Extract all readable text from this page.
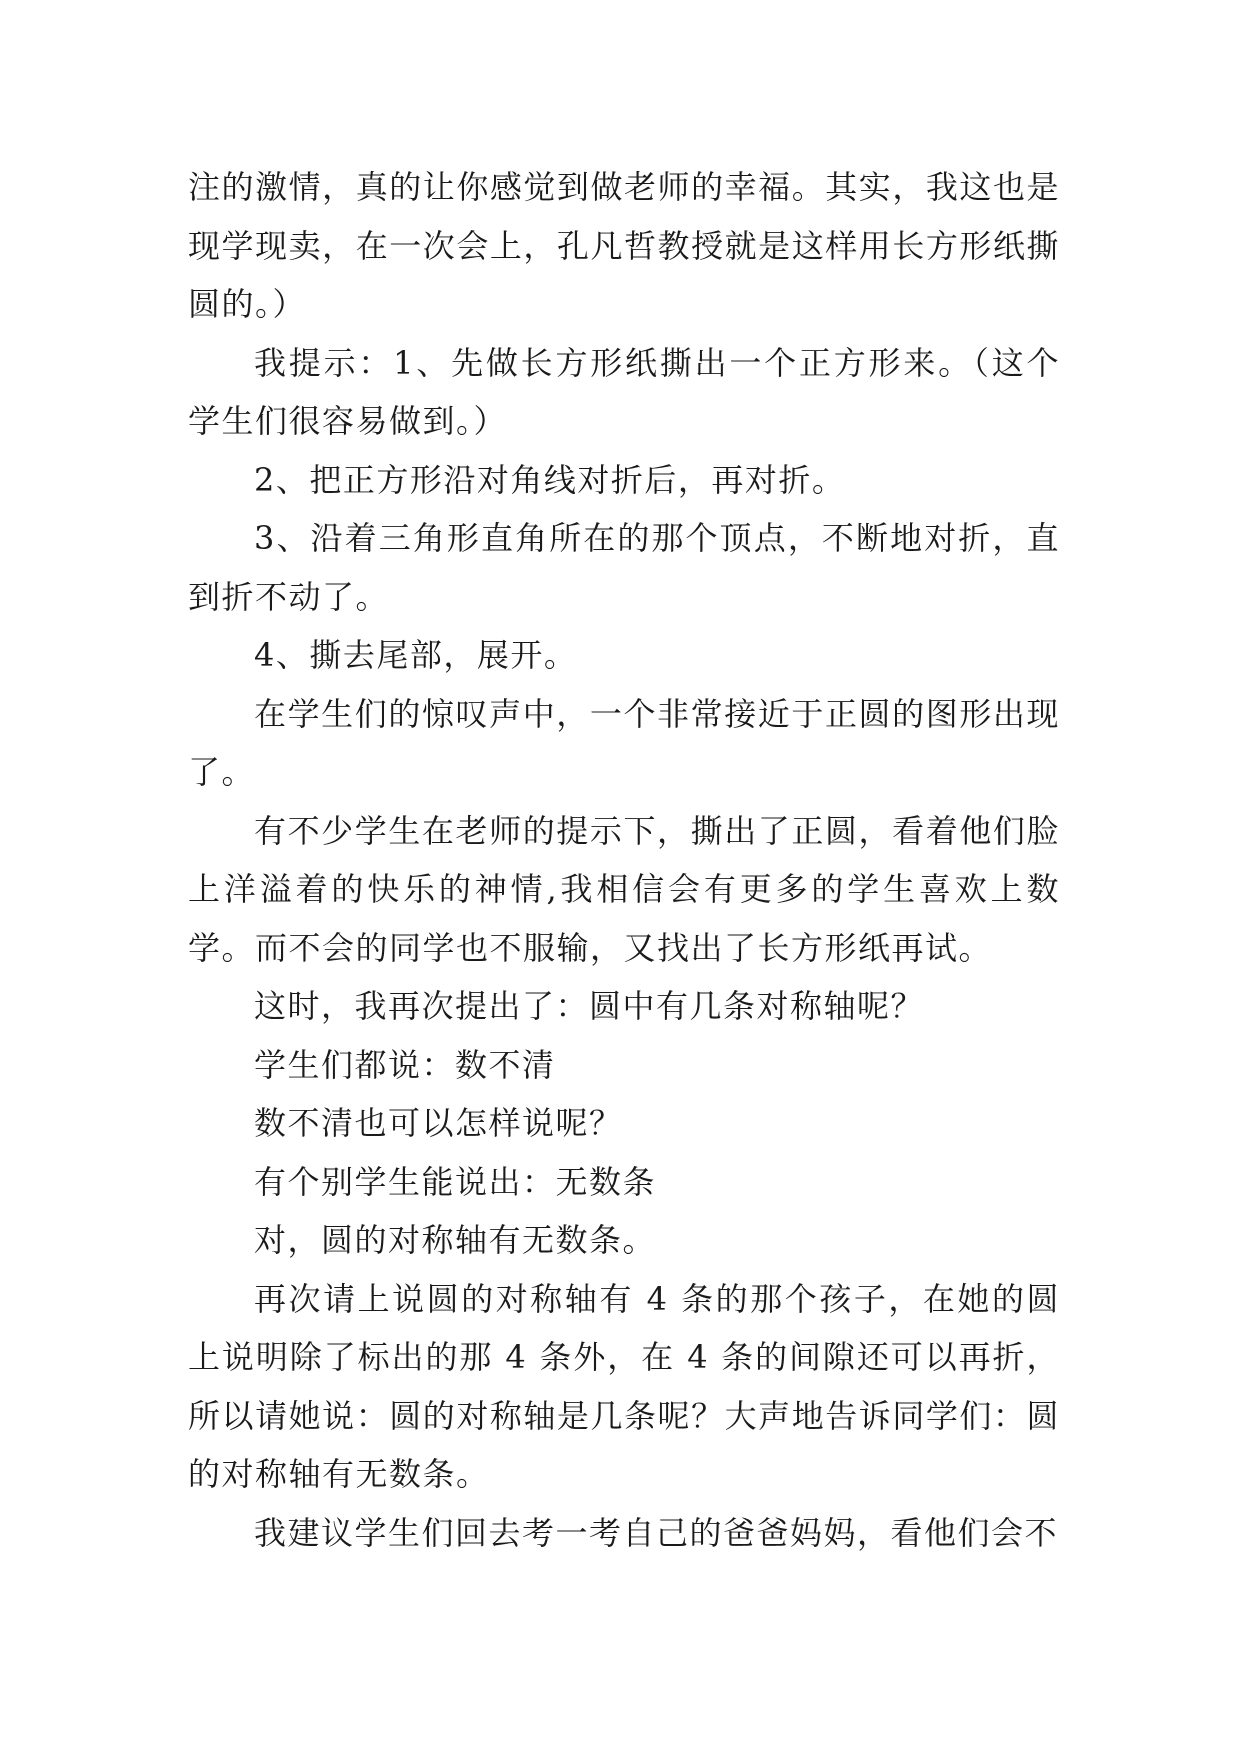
注的激情，真的让你感觉到做老师的幸福。其实，我这也是现学现卖，在一次会上，孔凡哲教授就是这样用长方形纸撕圆的。）

我提示：1、先做长方形纸撕出一个正方形来。（这个学生们很容易做到。）

2、把正方形沿对角线对折后，再对折。

3、沿着三角形直角所在的那个顶点，不断地对折，直到折不动了。

4、撕去尾部，展开。

在学生们的惊叹声中，一个非常接近于正圆的图形出现了。

有不少学生在老师的提示下，撕出了正圆，看着他们脸上洋溢着的快乐的神情,我相信会有更多的学生喜欢上数学。而不会的同学也不服输，又找出了长方形纸再试。

这时，我再次提出了：圆中有几条对称轴呢？

学生们都说：数不清

数不清也可以怎样说呢？

有个别学生能说出：无数条

对，圆的对称轴有无数条。

再次请上说圆的对称轴有 4 条的那个孩子，在她的圆上说明除了标出的那 4 条外，在 4 条的间隙还可以再折，所以请她说：圆的对称轴是几条呢？大声地告诉同学们：圆的对称轴有无数条。

我建议学生们回去考一考自己的爸爸妈妈，看他们会不
